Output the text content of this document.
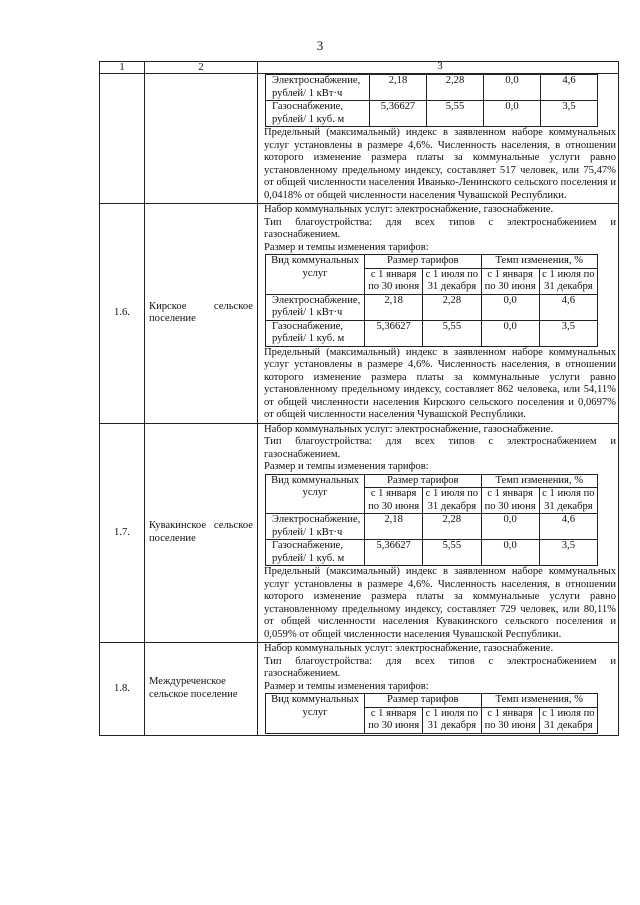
3
1	2	3

Электроснабжение, рублей/ 1 кВт·ч	2,18	2,28	0,0	4,6
Газоснабжение, рублей/ 1 куб. м	5,36627	5,55	0,0	3,5

Предельный (максимальный) индекс в заявленном наборе коммунальных услуг установлены в размере 4,6%. Численность населения, в отношении которого изменение размера платы за коммунальные услуги равно установленному предельному индексу, составляет 517 человек, или 75,47% от общей численности населения Иванько-Ленинского сельского поселения и 0,0418% от общей численности населения Чувашской Республики.

1.6.	Кирское сельское поселение	

Набор коммунальных услуг: электроснабжение, газоснабжение.

Тип благоустройства: для всех типов с электроснабжением и газоснабжением.

Размер и темпы изменения тарифов:

Вид коммунальных услуг	Размер тарифов	Темп изменения, %
с 1 января по 30 июня	с 1 июля по 31 декабря	с 1 января по 30 июня	с 1 июля по 31 декабря
Электроснабжение, рублей/ 1 кВт·ч	2,18	2,28	0,0	4,6
Газоснабжение, рублей/ 1 куб. м	5,36627	5,55	0,0	3,5

Предельный (максимальный) индекс в заявленном наборе коммунальных услуг установлены в размере 4,6%. Численность населения, в отношении которого изменение размера платы за коммунальные услуги равно установленному предельному индексу, составляет 862 человека, или 54,11% от общей численности населения Кирского сельского поселения и 0,0697% от общей численности населения Чувашской Республики.

1.7.	Кувакинское сельское поселение	

Набор коммунальных услуг: электроснабжение, газоснабжение.

Тип благоустройства: для всех типов с электроснабжением и газоснабжением.

Размер и темпы изменения тарифов:

Вид коммунальных услуг	Размер тарифов	Темп изменения, %
с 1 января по 30 июня	с 1 июля по 31 декабря	с 1 января по 30 июня	с 1 июля по 31 декабря
Электроснабжение, рублей/ 1 кВт·ч	2,18	2,28	0,0	4,6
Газоснабжение, рублей/ 1 куб. м	5,36627	5,55	0,0	3,5

Предельный (максимальный) индекс в заявленном наборе коммунальных услуг установлены в размере 4,6%. Численность населения, в отношении которого изменение размера платы за коммунальные услуги равно установленному предельному индексу, составляет 729 человек, или 80,11% от общей численности населения Кувакинского сельского поселения и 0,059% от общей численности населения Чувашской Республики.

1.8.	Междуреченское сельское поселение	

Набор коммунальных услуг: электроснабжение, газоснабжение.

Тип благоустройства: для всех типов с электроснабжением и газоснабжением.

Размер и темпы изменения тарифов:

Вид коммунальных услуг	Размер тарифов	Темп изменения, %
с 1 января по 30 июня	с 1 июля по 31 декабря	с 1 января по 30 июня	с 1 июля по 31 декабря
